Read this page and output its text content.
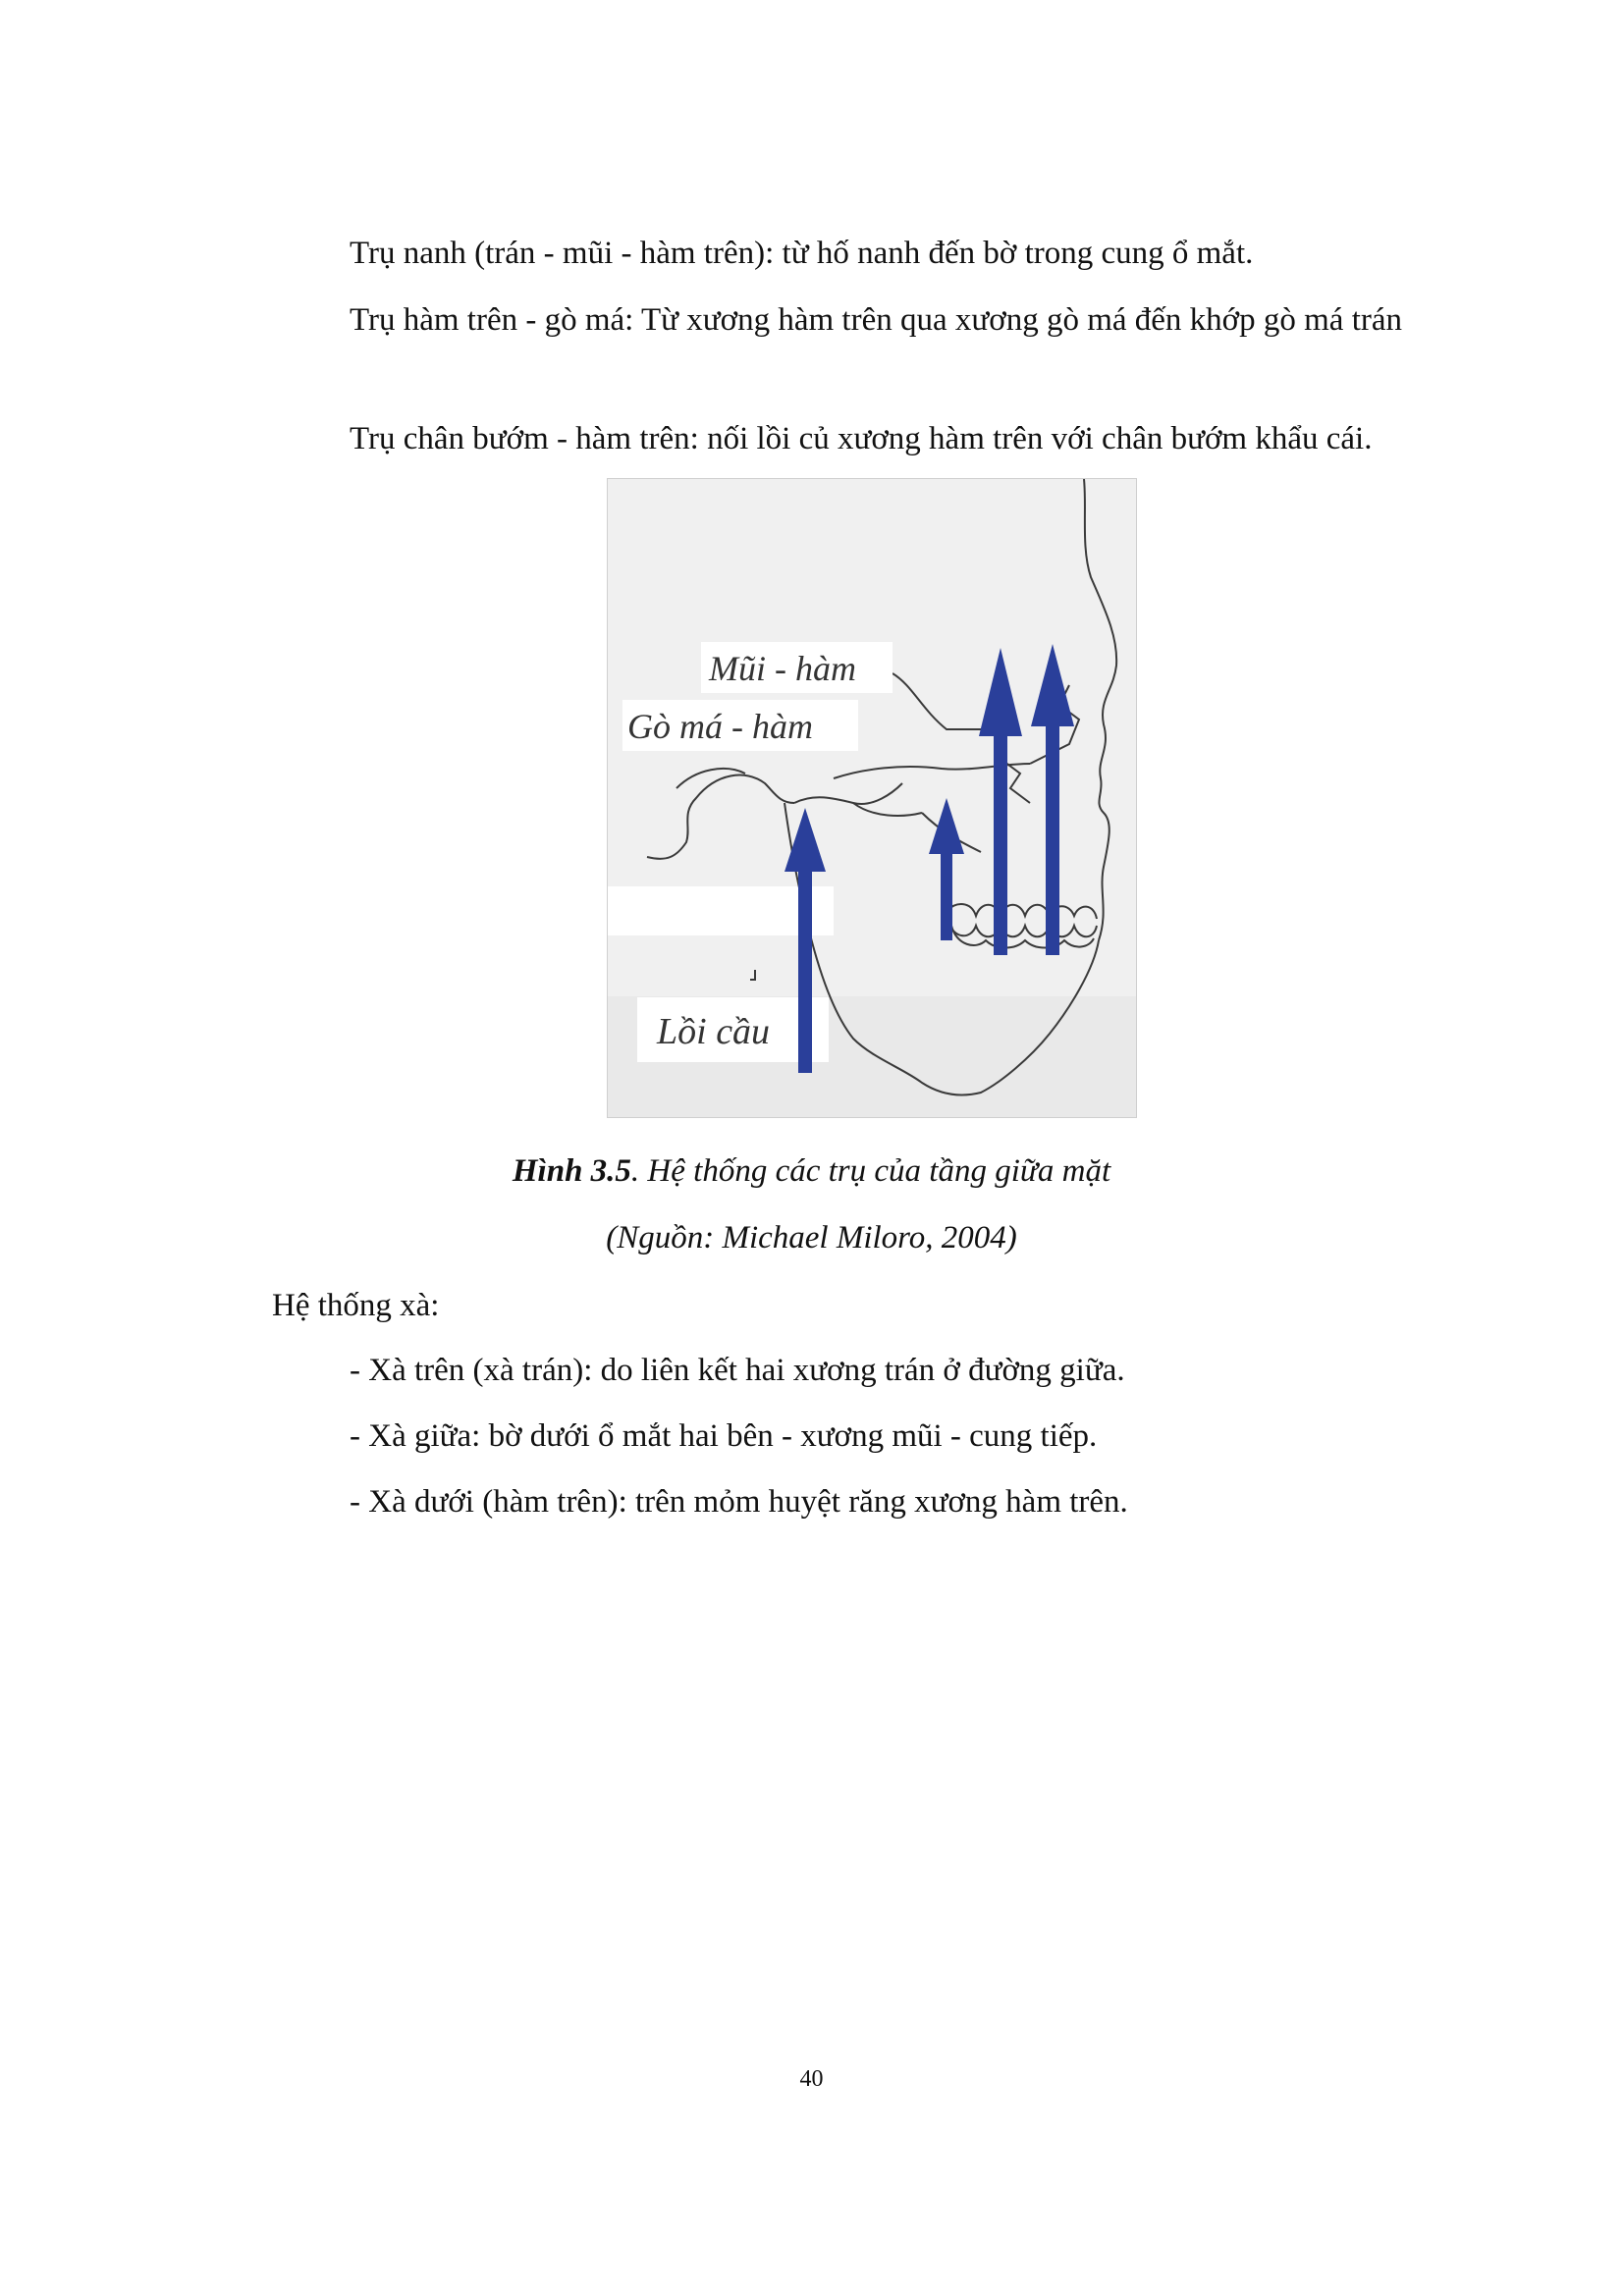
Trụ nanh (trán - mũi - hàm trên): từ hố nanh đến bờ trong cung ổ mắt.
Trụ hàm trên - gò má: Từ xương hàm trên qua xương gò má đến khớp gò má trán
Trụ chân bướm - hàm trên: nối lồi củ xương hàm trên với chân bướm khẩu cái.
Mũi - hàm
Gò má - hàm
Lồi cầu
Hình 3.5. Hệ thống các trụ của tầng giữa mặt
(Nguồn: Michael Miloro, 2004)
Hệ thống xà:
- Xà trên (xà trán): do liên kết hai xương trán ở đường giữa.
- Xà giữa: bờ dưới ổ mắt hai bên - xương mũi - cung tiếp.
- Xà dưới (hàm trên): trên mỏm huyệt răng xương hàm trên.
40
